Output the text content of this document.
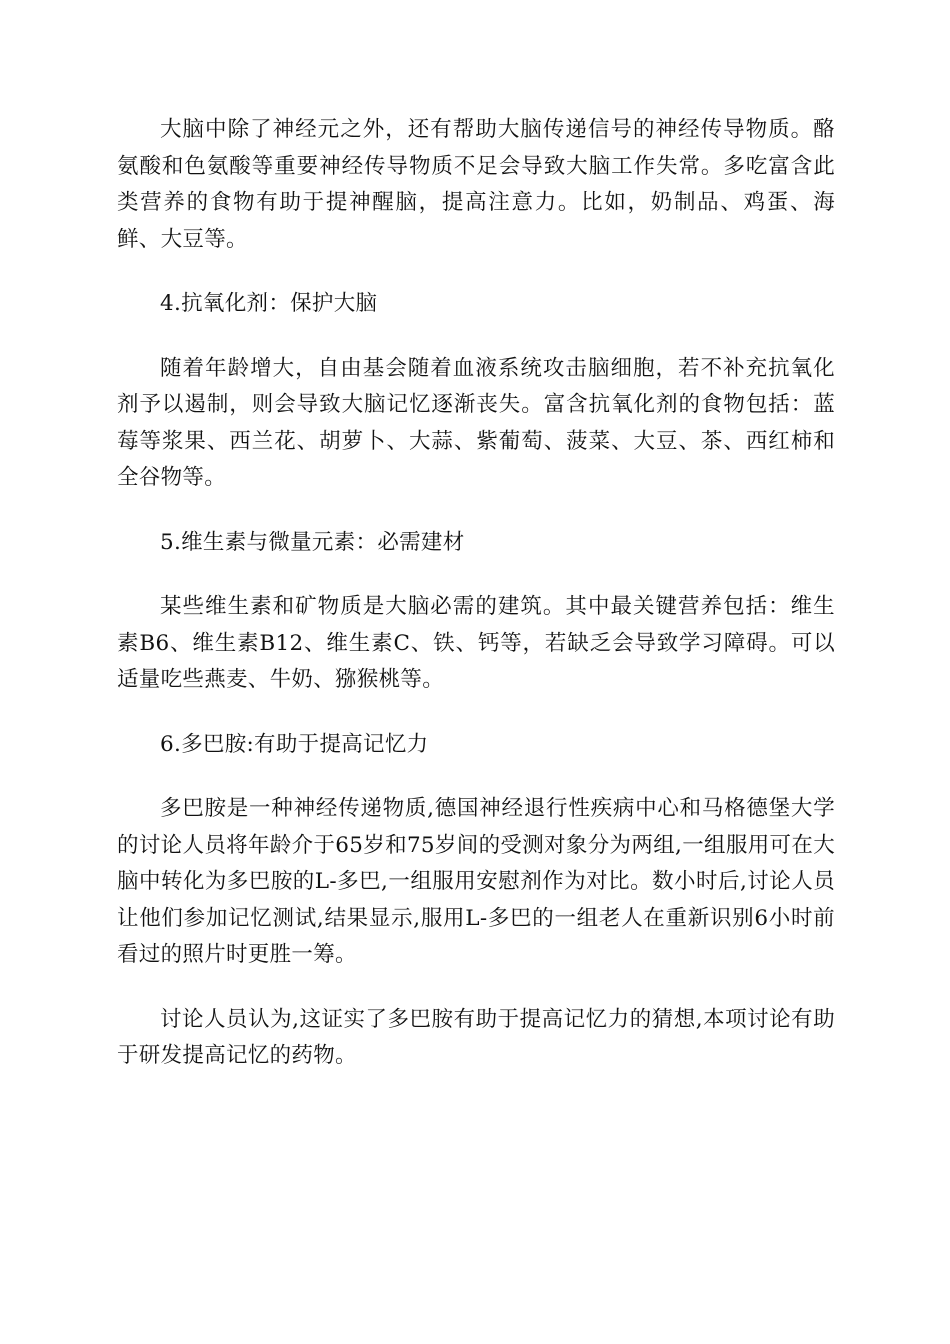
大脑中除了神经元之外，还有帮助大脑传递信号的神经传导物质。酪氨酸和色氨酸等重要神经传导物质不足会导致大脑工作失常。多吃富含此类营养的食物有助于提神醒脑，提高注意力。比如，奶制品、鸡蛋、海鲜、大豆等。

4.抗氧化剂：保护大脑

随着年龄增大，自由基会随着血液系统攻击脑细胞，若不补充抗氧化剂予以遏制，则会导致大脑记忆逐渐丧失。富含抗氧化剂的食物包括：蓝莓等浆果、西兰花、胡萝卜、大蒜、紫葡萄、菠菜、大豆、茶、西红柿和全谷物等。

5.维生素与微量元素：必需建材

某些维生素和矿物质是大脑必需的建筑。其中最关键营养包括：维生素B6、维生素B12、维生素C、铁、钙等，若缺乏会导致学习障碍。可以适量吃些燕麦、牛奶、猕猴桃等。

6.多巴胺:有助于提高记忆力

多巴胺是一种神经传递物质,德国神经退行性疾病中心和马格德堡大学的讨论人员将年龄介于65岁和75岁间的受测对象分为两组,一组服用可在大脑中转化为多巴胺的L-多巴,一组服用安慰剂作为对比。数小时后,讨论人员让他们参加记忆测试,结果显示,服用L-多巴的一组老人在重新识别6小时前看过的照片时更胜一筹。

讨论人员认为,这证实了多巴胺有助于提高记忆力的猜想,本项讨论有助于研发提高记忆的药物。
